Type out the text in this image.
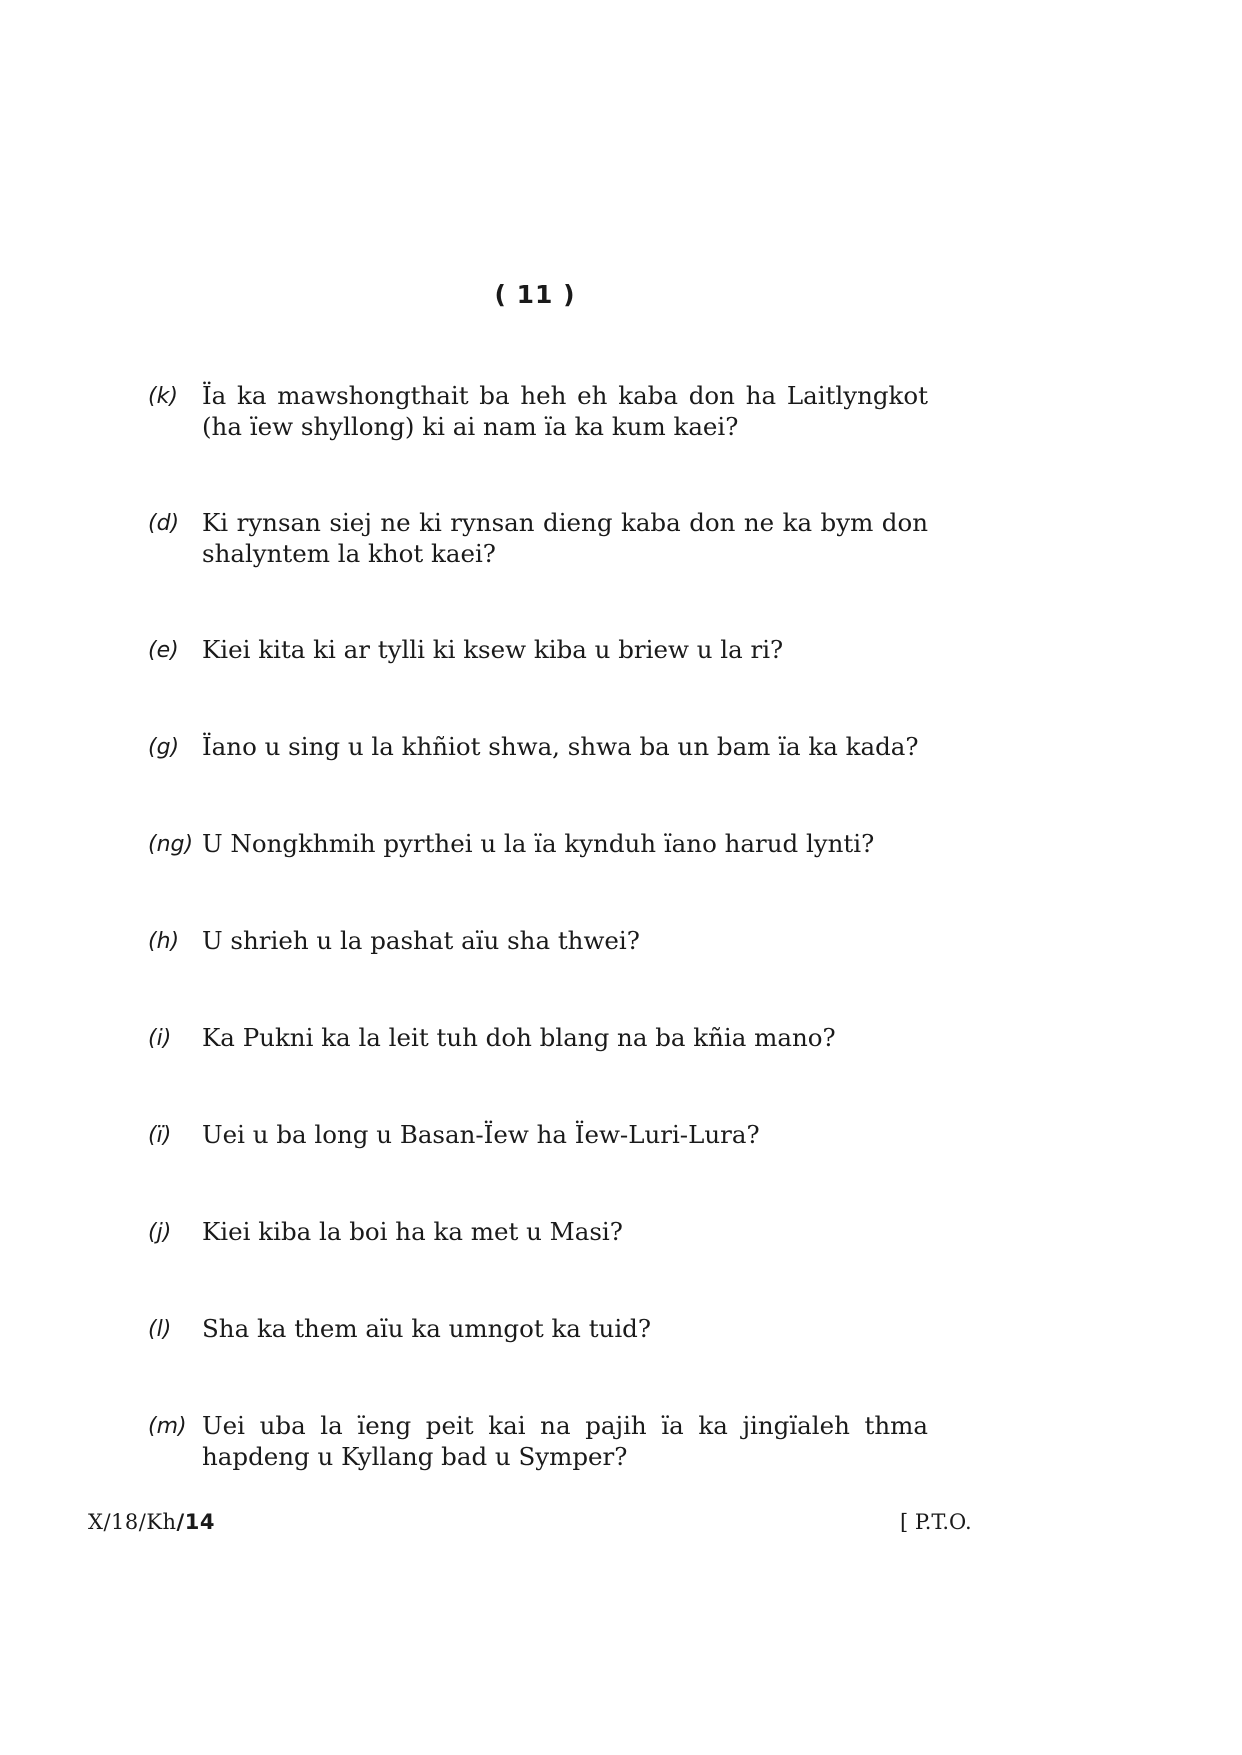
( 11 )
(k) Ïa ka mawshongthait ba heh eh kaba don ha Laitlyngkot (ha ïew shyllong) ki ai nam ïa ka kum kaei?
(d) Ki rynsan siej ne ki rynsan dieng kaba don ne ka bym don shalyntem la khot kaei?
(e) Kiei kita ki ar tylli ki ksew kiba u briew u la ri?
(g) Ïano u sing u la khñiot shwa, shwa ba un bam ïa ka kada?
(ng) U Nongkhmih pyrthei u la ïa kynduh ïano harud lynti?
(h) U shrieh u la pashat aïu sha thwei?
(i)	Ka Pukni ka la leit tuh doh blang na ba kñia mano?
(ï)	Uei u ba long u Basan-Ïew ha Ïew-Luri-Lura?
(j)	Kiei kiba la boi ha ka met u Masi?
(l)	Sha ka them aïu ka umngot ka tuid?
(m) Uei uba la ïeng peit kai na pajih ïa ka jingïaleh thma hapdeng u Kyllang bad u Symper?
X/18/Kh/14	[ P.T.O.
